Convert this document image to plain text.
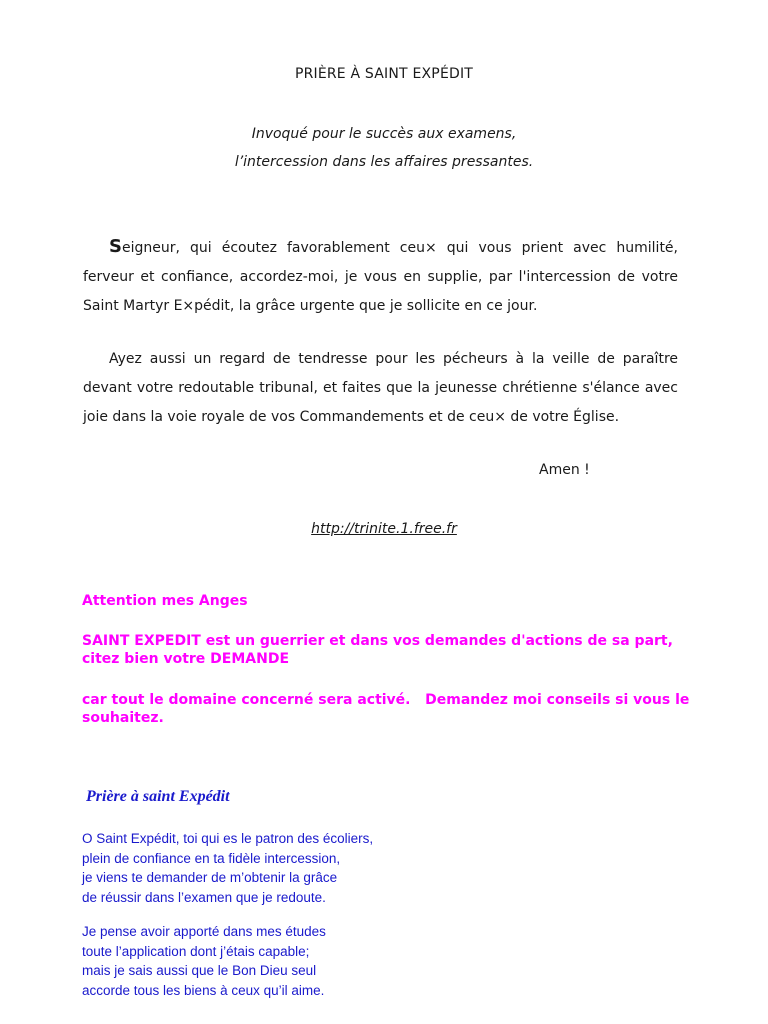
PRIÈRE À SAINT EXPÉDIT
Invoqué pour le succès aux examens,
l’intercession dans les affaires pressantes.
Seigneur, qui écoutez favorablement ceu× qui vous prient avec humilité, ferveur et confiance, accordez-moi, je vous en supplie, par l'intercession de votre Saint Martyr E×pédit, la grâce urgente que je sollicite en ce jour.
Ayez aussi un regard de tendresse pour les pécheurs à la veille de paraître devant votre redoutable tribunal, et faites que la jeunesse chrétienne s'élance avec joie dans la voie royale de vos Commandements et de ceu× de votre Église.
Amen !
http://trinite.1.free.fr
Attention mes Anges
SAINT EXPEDIT est un guerrier et dans vos demandes d'actions de sa part, citez bien votre DEMANDE
car tout le domaine concerné sera activé.   Demandez moi conseils si vous le souhaitez.
Prière à saint Expédit
O Saint Expédit, toi qui es le patron des écoliers,
plein de confiance en ta fidèle intercession,
je viens te demander de m’obtenir la grâce
de réussir dans l’examen que je redoute.
Je pense avoir apporté dans mes études
toute l’application dont j’étais capable;
mais je sais aussi que le Bon Dieu seul
accorde tous les biens à ceux qu’il aime.
